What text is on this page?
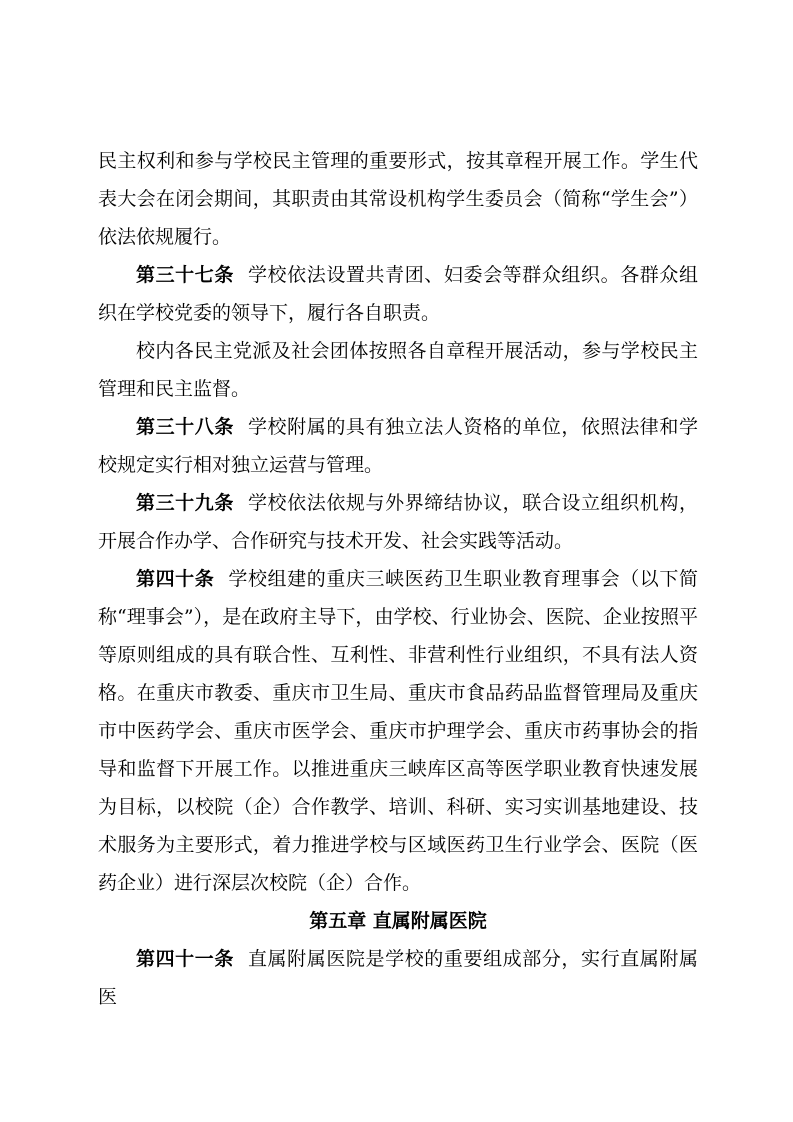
民主权利和参与学校民主管理的重要形式，按其章程开展工作。学生代表大会在闭会期间，其职责由其常设机构学生委员会（简称“学生会”）依法依规履行。

第三十七条 学校依法设置共青团、妇委会等群众组织。各群众组织在学校党委的领导下，履行各自职责。

校内各民主党派及社会团体按照各自章程开展活动，参与学校民主管理和民主监督。

第三十八条 学校附属的具有独立法人资格的单位，依照法律和学校规定实行相对独立运营与管理。

第三十九条 学校依法依规与外界缔结协议，联合设立组织机构，开展合作办学、合作研究与技术开发、社会实践等活动。

第四十条 学校组建的重庆三峡医药卫生职业教育理事会（以下简称“理事会”），是在政府主导下，由学校、行业协会、医院、企业按照平等原则组成的具有联合性、互利性、非营利性行业组织，不具有法人资格。在重庆市教委、重庆市卫生局、重庆市食品药品监督管理局及重庆市中医药学会、重庆市医学会、重庆市护理学会、重庆市药事协会的指导和监督下开展工作。以推进重庆三峡库区高等医学职业教育快速发展为目标，以校院（企）合作教学、培训、科研、实习实训基地建设、技术服务为主要形式，着力推进学校与区域医药卫生行业学会、医院（医药企业）进行深层次校院（企）合作。

第五章 直属附属医院

第四十一条 直属附属医院是学校的重要组成部分，实行直属附属医
